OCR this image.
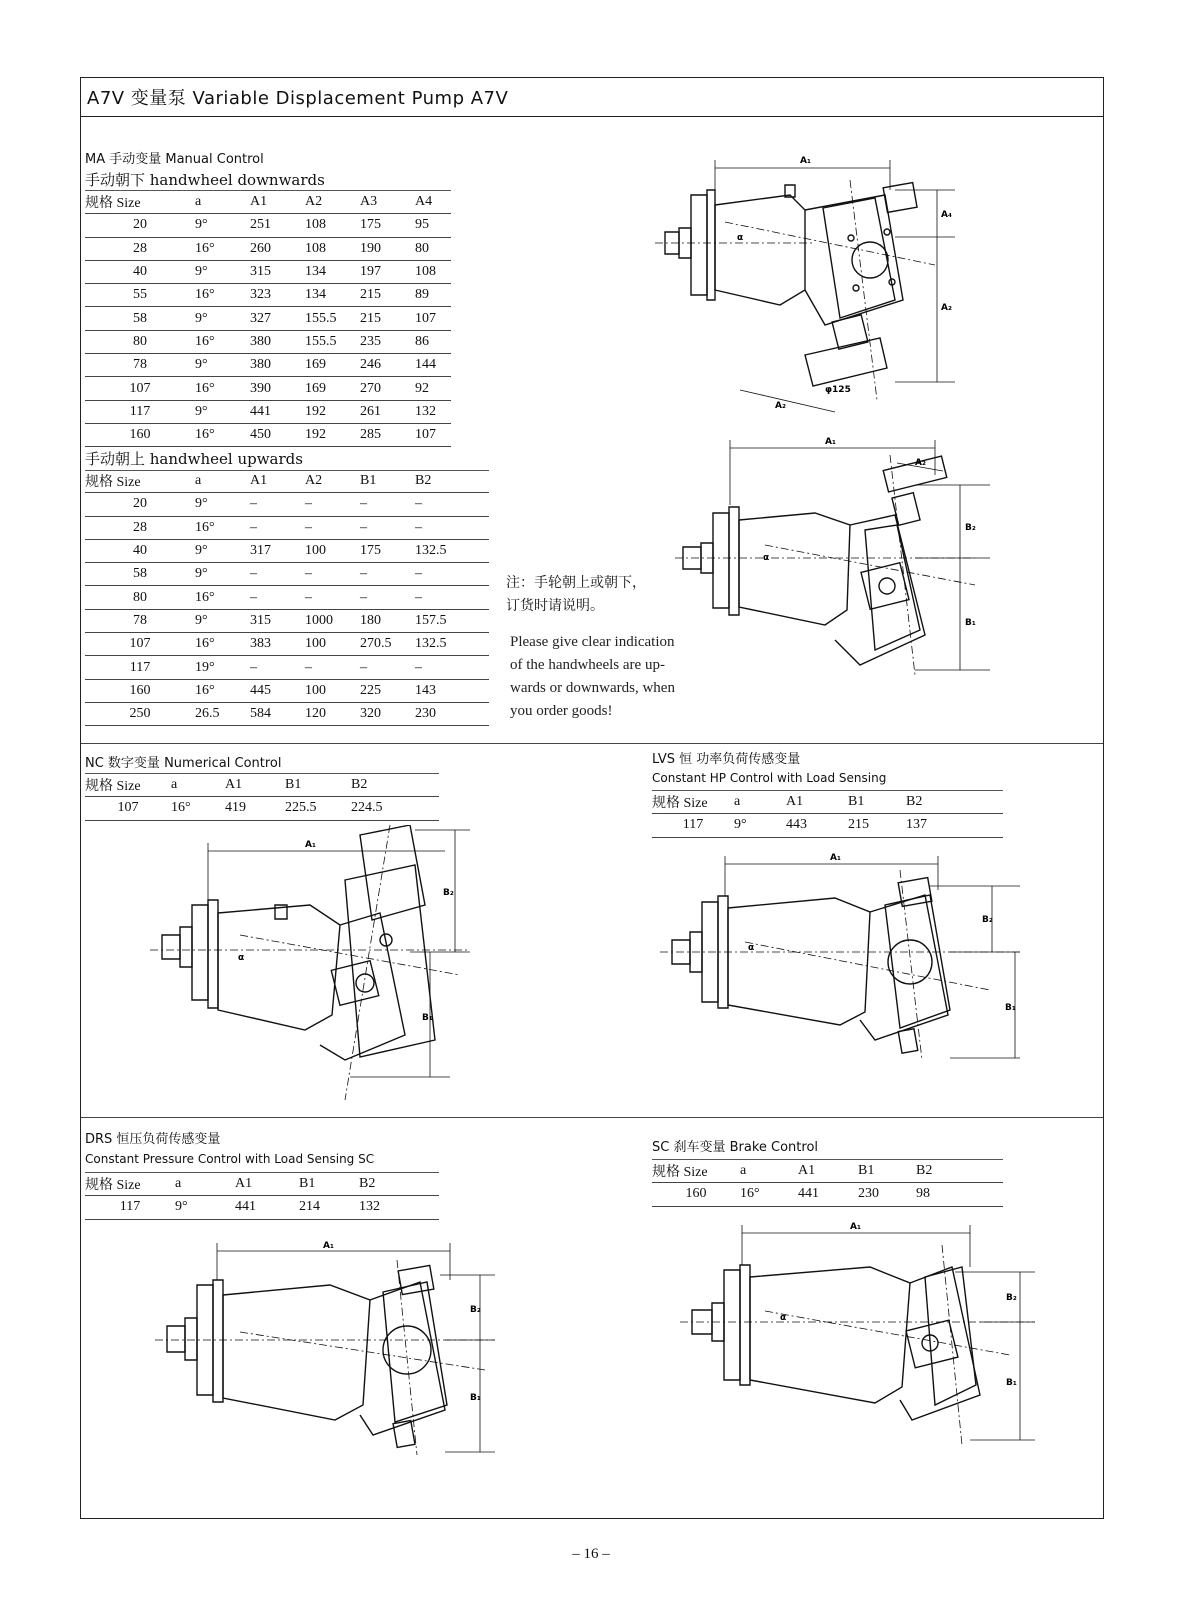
A7V 变量泵 Variable Displacement Pump A7V
MA 手动变量 Manual Control
手动朝下 handwheel downwards
规格 Size	a	A1	A2	A3	A4
20	9°	251	108	175	95
28	16°	260	108	190	80
40	9°	315	134	197	108
55	16°	323	134	215	89
58	9°	327	155.5	215	107
80	16°	380	155.5	235	86
78	9°	380	169	246	144
107	16°	390	169	270	92
117	9°	441	192	261	132
160	16°	450	192	285	107
手动朝上 handwheel upwards
规格 Size	a	A1	A2	B1	B2
20	9°	–	–	–	–
28	16°	–	–	–	–
40	9°	317	100	175	132.5
58	9°	–	–	–	–
80	16°	–	–	–	–
78	9°	315	1000	180	157.5
107	16°	383	100	270.5	132.5
117	19°	–	–	–	–
160	16°	445	100	225	143
250	26.5	584	120	320	230
注：手轮朝上或朝下，
订货时请说明。
Please give clear indication
of the handwheels are up-
wards or downwards, when
you order goods!
NC 数字变量 Numerical Control
规格 Size	a	A1	B1	B2
107	16°	419	225.5	224.5
LVS 恒 功率负荷传感变量
Constant HP Control with Load Sensing
规格 Size	a	A1	B1	B2
117	9°	443	215	137
DRS 恒压负荷传感变量
Constant Pressure Control with Load Sensing SC
规格 Size	a	A1	B1	B2
117	9°	441	214	132
SC 刹车变量 Brake Control
规格 Size	a	A1	B1	B2
160	16°	441	230	98
A₁
A₄
A₂
A₂
φ125
α
A₁
A₂
B₂
B₁
α
A₁
B₂
B₁
α
A₁
B₂
B₁
α
A₁
B₂
B₁
A₁
B₂
B₁
α
– 16 –
